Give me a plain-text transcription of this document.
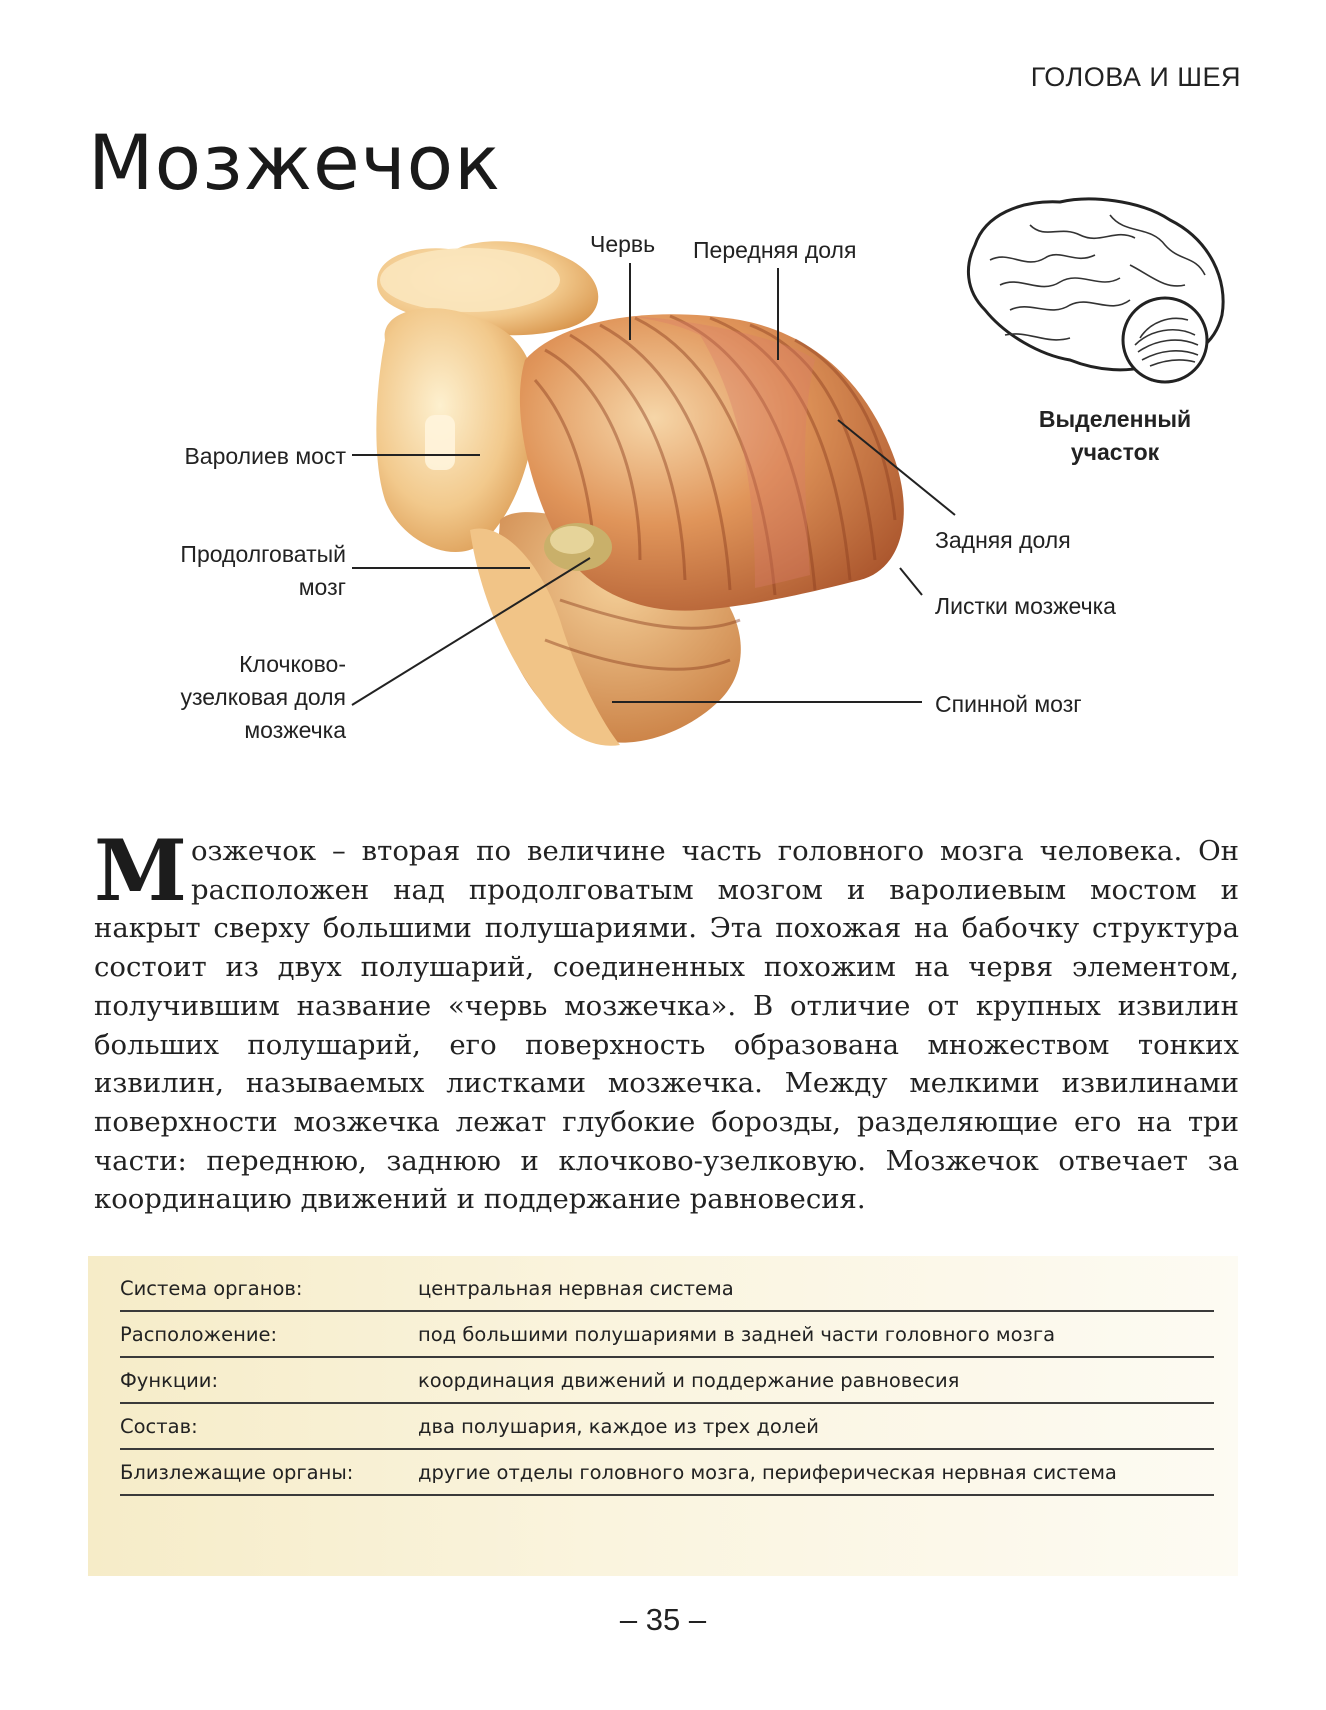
ГОЛОВА И ШЕЯ
Мозжечок
Червь Передняя доля
Варолиев мост
Продолговатый
мозг
Клочково-
узелковая доля
мозжечка
Задняя доля
Листки мозжечка
Спинной мозг
Выделенный
участок

Мозжечок – вторая по величине часть головного мозга человека. Он расположен над продолговатым мозгом и варолиевым мостом и накрыт сверху большими полушариями. Эта похожая на бабочку структура состоит из двух полушарий, соединенных похожим на червя элементом, получившим название «червь мозжечка». В отличие от крупных извилин больших полушарий, его поверхность образована множеством тонких извилин, называемых листками мозжечка. Между мелкими извилинами поверхности мозжечка лежат глубокие борозды, разделяющие его на три части: переднюю, заднюю и клочково-узелковую. Мозжечок отвечает за координацию движений и поддержание равновесия.

Система органов:	центральная нервная система
Расположение:	под большими полушариями в задней части головного мозга
Функции:	координация движений и поддержание равновесия
Состав:	два полушария, каждое из трех долей
Близлежащие органы:	другие отделы головного мозга, периферическая нервная система
– 35 –
